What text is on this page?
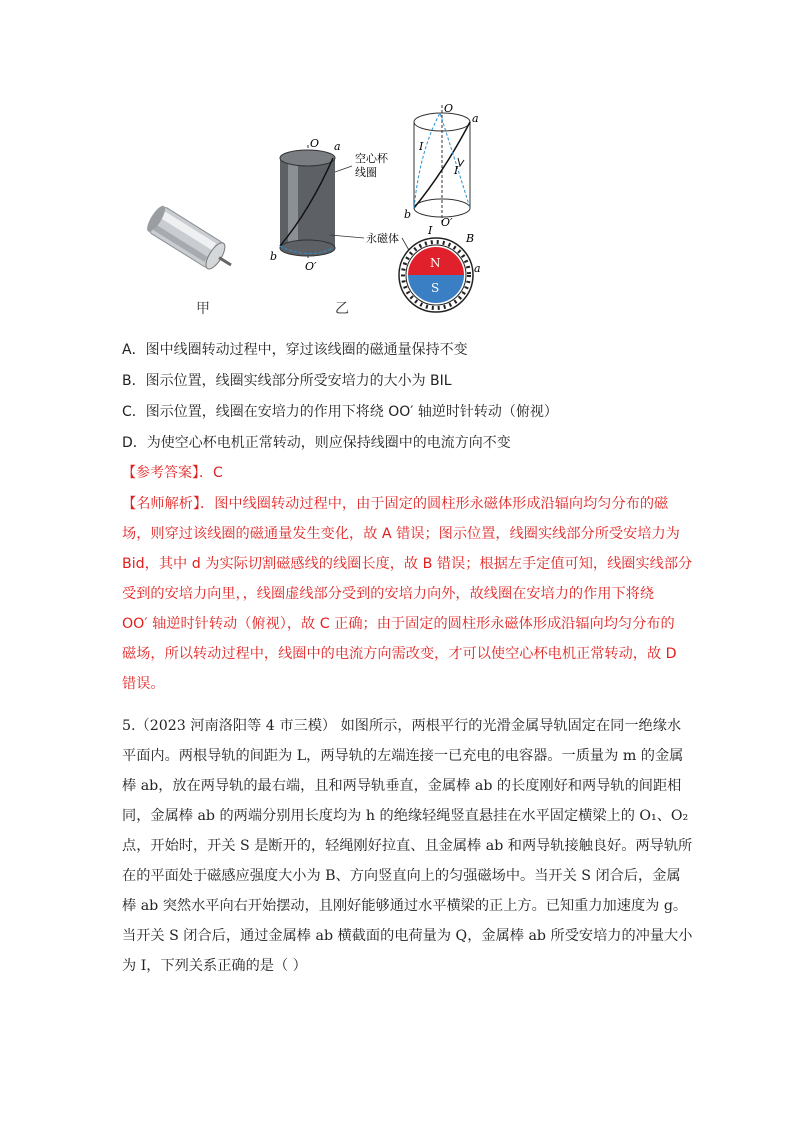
O a
b
O′
空心杯
线圈
永磁体
O
a
I
I
b
O′
I
B
a
N
S
甲	乙
A．图中线圈转动过程中，穿过该线圈的磁通量保持不变
B．图示位置，线圈实线部分所受安培力的大小为 BIL
C．图示位置，线圈在安培力的作用下将绕 OO′ 轴逆时针转动（俯视）
D．为使空心杯电机正常转动，则应保持线圈中的电流方向不变
【参考答案】．C
【名师解析】．图中线圈转动过程中，由于固定的圆柱形永磁体形成沿辐向均匀分布的磁
场，则穿过该线圈的磁通量发生变化，故 A 错误；图示位置，线圈实线部分所受安培力为
Bid，其中 d 为实际切割磁感线的线圈长度，故 B 错误；根据左手定值可知，线圈实线部分
受到的安培力向里，，线圈虚线部分受到的安培力向外，故线圈在安培力的作用下将绕
OO′ 轴逆时针转动（俯视），故 C 正确；由于固定的圆柱形永磁体形成沿辐向均匀分布的
磁场，所以转动过程中，线圈中的电流方向需改变，才可以使空心杯电机正常转动，故 D
错误。
5.（2023 河南洛阳等 4 市三模） 如图所示，两根平行的光滑金属导轨固定在同一绝缘水
平面内。两根导轨的间距为 L，两导轨的左端连接一已充电的电容器。一质量为 m 的金属
棒 ab，放在两导轨的最右端，且和两导轨垂直，金属棒 ab 的长度刚好和两导轨的间距相
同，金属棒 ab 的两端分别用长度均为 h 的绝缘轻绳竖直悬挂在水平固定横梁上的 O₁、O₂
点，开始时，开关 S 是断开的，轻绳刚好拉直、且金属棒 ab 和两导轨接触良好。两导轨所
在的平面处于磁感应强度大小为 B、方向竖直向上的匀强磁场中。当开关 S 闭合后，金属
棒 ab 突然水平向右开始摆动，且刚好能够通过水平横梁的正上方。已知重力加速度为 g。
当开关 S 闭合后，通过金属棒 ab 横截面的电荷量为 Q，金属棒 ab 所受安培力的冲量大小
为 I，下列关系正确的是（ ）
